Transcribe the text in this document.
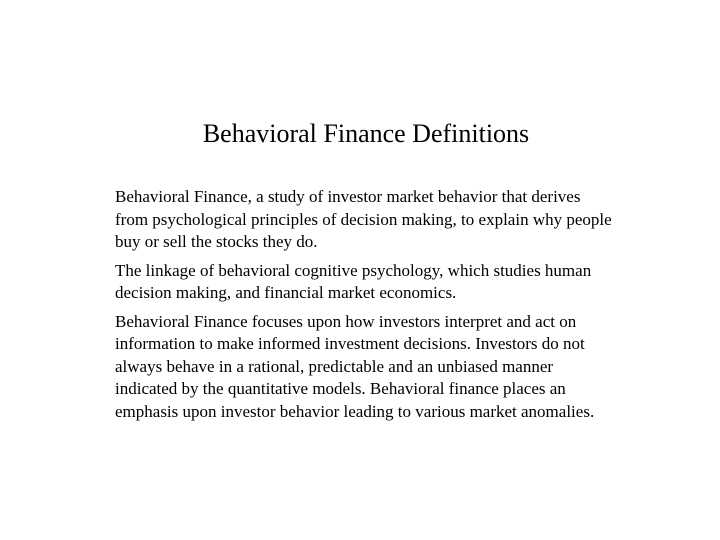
Behavioral Finance Definitions

Behavioral Finance, a study of investor market behavior that derives from psychological principles of decision making, to explain why people buy or sell the stocks they do.

The linkage of behavioral cognitive psychology, which studies human decision making, and financial market economics.

Behavioral Finance focuses upon how investors interpret and act on information to make informed investment decisions. Investors do not always behave in a rational, predictable and an unbiased manner indicated by the quantitative models. Behavioral finance places an emphasis upon investor behavior leading to various market anomalies.
